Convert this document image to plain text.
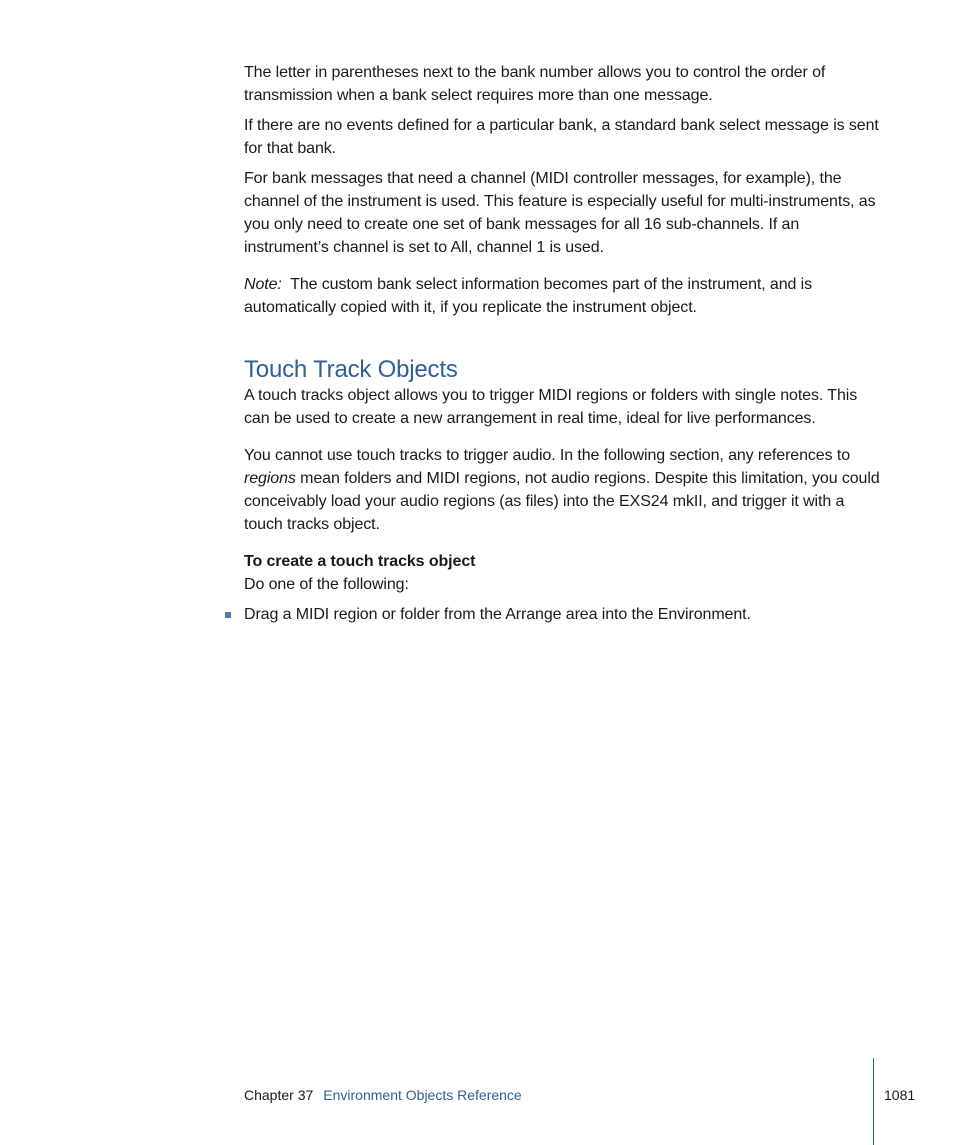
The letter in parentheses next to the bank number allows you to control the order of transmission when a bank select requires more than one message.

If there are no events defined for a particular bank, a standard bank select message is sent for that bank.

For bank messages that need a channel (MIDI controller messages, for example), the channel of the instrument is used. This feature is especially useful for multi-instruments, as you only need to create one set of bank messages for all 16 sub-channels. If an instrument’s channel is set to All, channel 1 is used.

Note: The custom bank select information becomes part of the instrument, and is automatically copied with it, if you replicate the instrument object.

Touch Track Objects

A touch tracks object allows you to trigger MIDI regions or folders with single notes. This can be used to create a new arrangement in real time, ideal for live performances.

You cannot use touch tracks to trigger audio. In the following section, any references to regions mean folders and MIDI regions, not audio regions. Despite this limitation, you could conceivably load your audio regions (as files) into the EXS24 mkII, and trigger it with a touch tracks object.

To create a touch tracks object

Do one of the following:

Drag a MIDI region or folder from the Arrange area into the Environment.

Chapter 37 Environment Objects Reference	1081
